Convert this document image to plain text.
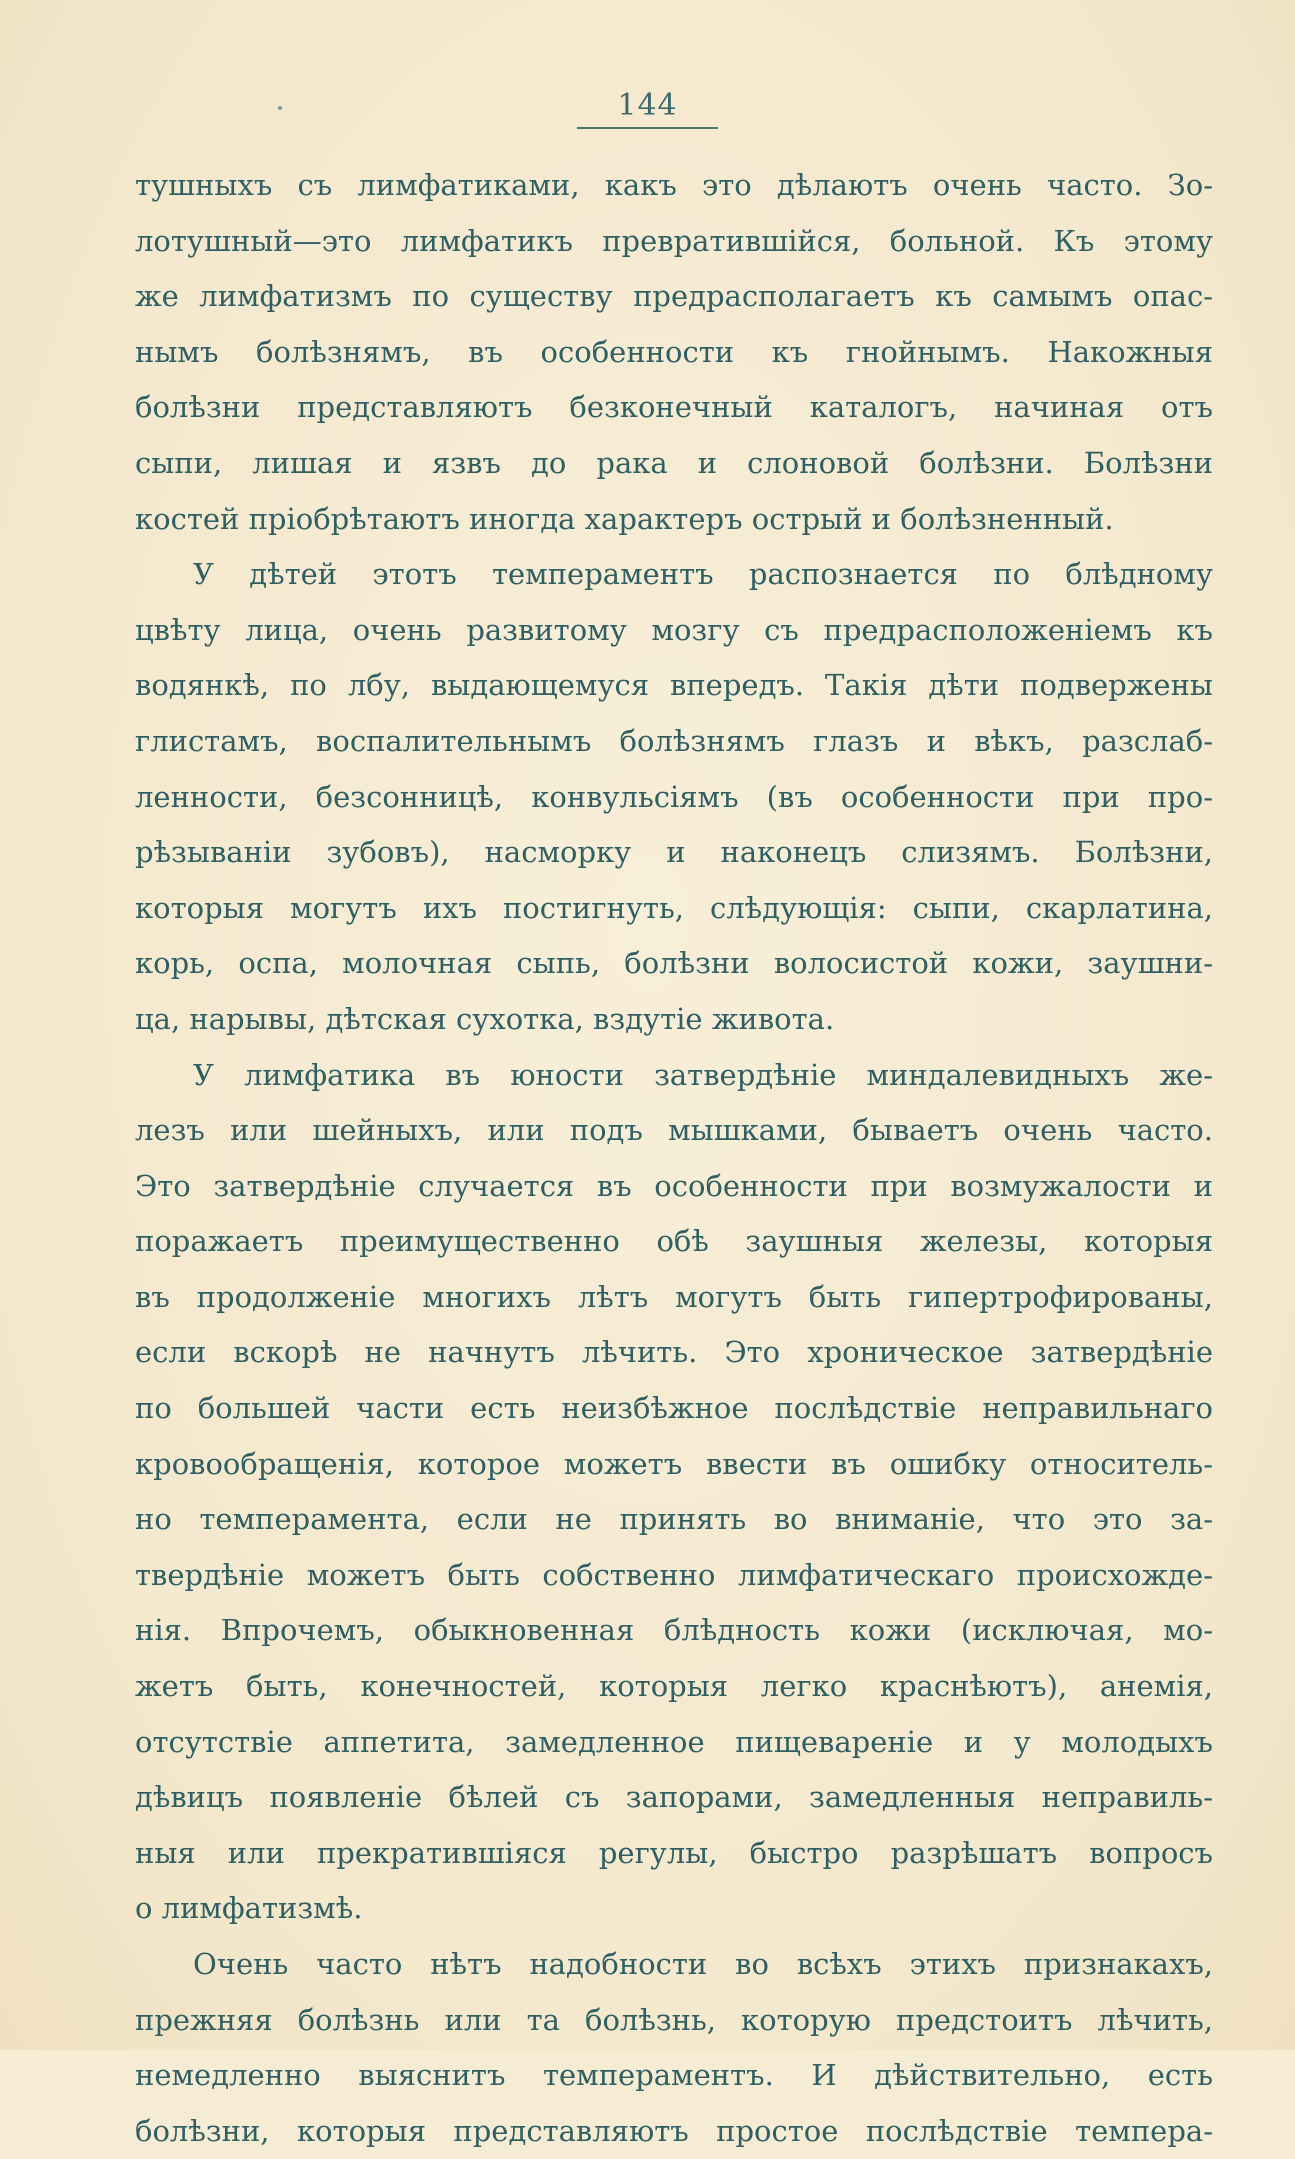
144
тушныхъ съ лимфатиками, какъ это дѣлаютъ очень часто. Зо-
лотушный—это лимфатикъ превратившійся, больной. Къ этому
же лимфатизмъ по существу предрасполагаетъ къ самымъ опас-
нымъ болѣзнямъ, въ особенности къ гнойнымъ. Накожныя
болѣзни представляютъ безконечный каталогъ, начиная отъ
сыпи, лишая и язвъ до рака и слоновой болѣзни. Болѣзни
костей пріобрѣтаютъ иногда характеръ острый и болѣзненный.
У дѣтей этотъ темпераментъ распознается по блѣдному
цвѣту лица, очень развитому мозгу съ предрасположеніемъ къ
водянкѣ, по лбу, выдающемуся впередъ. Такія дѣти подвержены
глистамъ, воспалительнымъ болѣзнямъ глазъ и вѣкъ, разслаб-
ленности, безсонницѣ, конвульсіямъ (въ особенности при про-
рѣзываніи зубовъ), насморку и наконецъ слизямъ. Болѣзни,
которыя могутъ ихъ постигнуть, слѣдующія: сыпи, скарлатина,
корь, оспа, молочная сыпь, болѣзни волосистой кожи, заушни-
ца, нарывы, дѣтская сухотка, вздутіе живота.
У лимфатика въ юности затвердѣніе миндалевидныхъ же-
лезъ или шейныхъ, или подъ мышками, бываетъ очень часто.
Это затвердѣніе случается въ особенности при возмужалости и
поражаетъ преимущественно обѣ заушныя железы, которыя
въ продолженіе многихъ лѣтъ могутъ быть гипертрофированы,
если вскорѣ не начнутъ лѣчить. Это хроническое затвердѣніе
по большей части есть неизбѣжное послѣдствіе неправильнаго
кровообращенія, которое можетъ ввести въ ошибку относитель-
но темперамента, если не принять во вниманіе, что это за-
твердѣніе можетъ быть собственно лимфатическаго происхожде-
нія. Впрочемъ, обыкновенная блѣдность кожи (исключая, мо-
жетъ быть, конечностей, которыя легко краснѣютъ), анемія,
отсутствіе аппетита, замедленное пищевареніе и у молодыхъ
дѣвицъ появленіе бѣлей съ запорами, замедленныя неправиль-
ныя или прекратившіяся регулы, быстро разрѣшатъ вопросъ
о лимфатизмѣ.
Очень часто нѣтъ надобности во всѣхъ этихъ признакахъ,
прежняя болѣзнь или та болѣзнь, которую предстоитъ лѣчить,
немедленно выяснитъ темпераментъ. И дѣйствительно, есть
болѣзни, которыя представляютъ простое послѣдствіе темпера-
